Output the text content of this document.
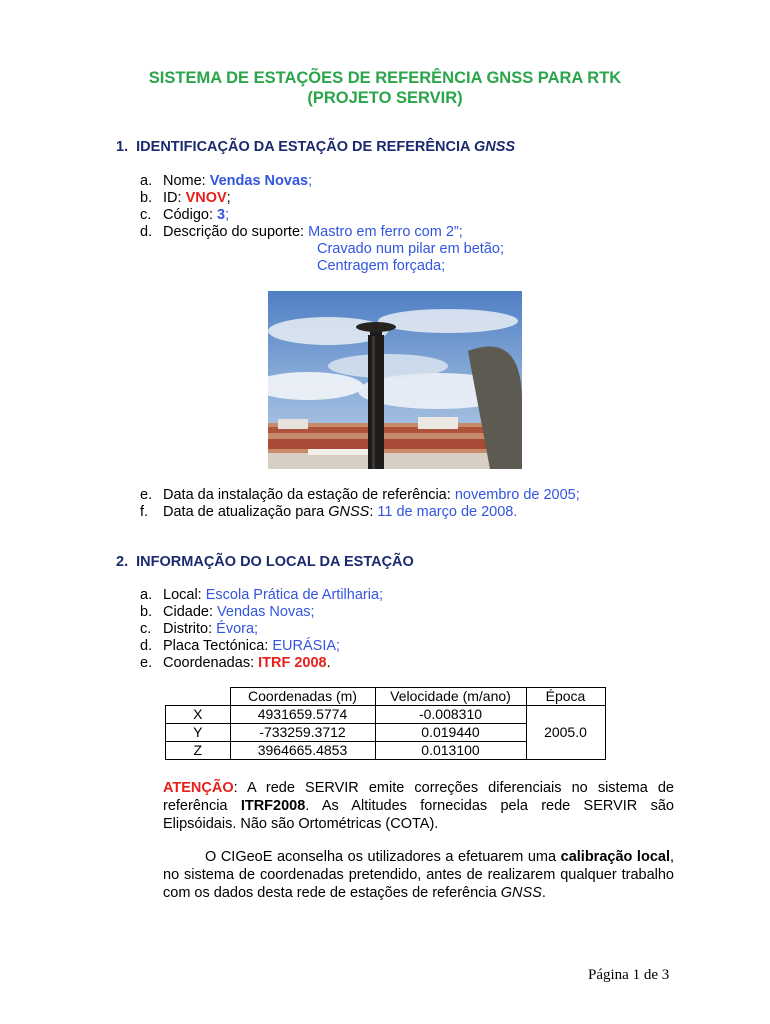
SISTEMA DE ESTAÇÕES DE REFERÊNCIA GNSS PARA RTK
(PROJETO SERVIR)
1. IDENTIFICAÇÃO DA ESTAÇÃO DE REFERÊNCIA GNSS
a. Nome: Vendas Novas;
b. ID: VNOV;
c. Código: 3;
d. Descrição do suporte: Mastro em ferro com 2”;
Cravado num pilar em betão;
Centragem forçada;
e. Data da instalação da estação de referência: novembro de 2005;
f. Data de atualização para GNSS: 11 de março de 2008.
2. INFORMAÇÃO DO LOCAL DA ESTAÇÃO
a. Local: Escola Prática de Artilharia;
b. Cidade: Vendas Novas;
c. Distrito: Évora;
d. Placa Tectónica: EURÁSIA;
e. Coordenadas: ITRF 2008.
	Coordenadas (m)	Velocidade (m/ano)	Época
X	4931659.5774	-0.008310	2005.0
Y	-733259.3712	0.019440	
Z	3964665.4853	0.013100	
ATENÇÃO: A rede SERVIR emite correções diferenciais no sistema de referência ITRF2008. As Altitudes fornecidas pela rede SERVIR são Elipsóidais. Não são Ortométricas (COTA).
O CIGeoE aconselha os utilizadores a efetuarem uma calibração local, no sistema de coordenadas pretendido, antes de realizarem qualquer trabalho com os dados desta rede de estações de referência GNSS.
Página 1 de 3
